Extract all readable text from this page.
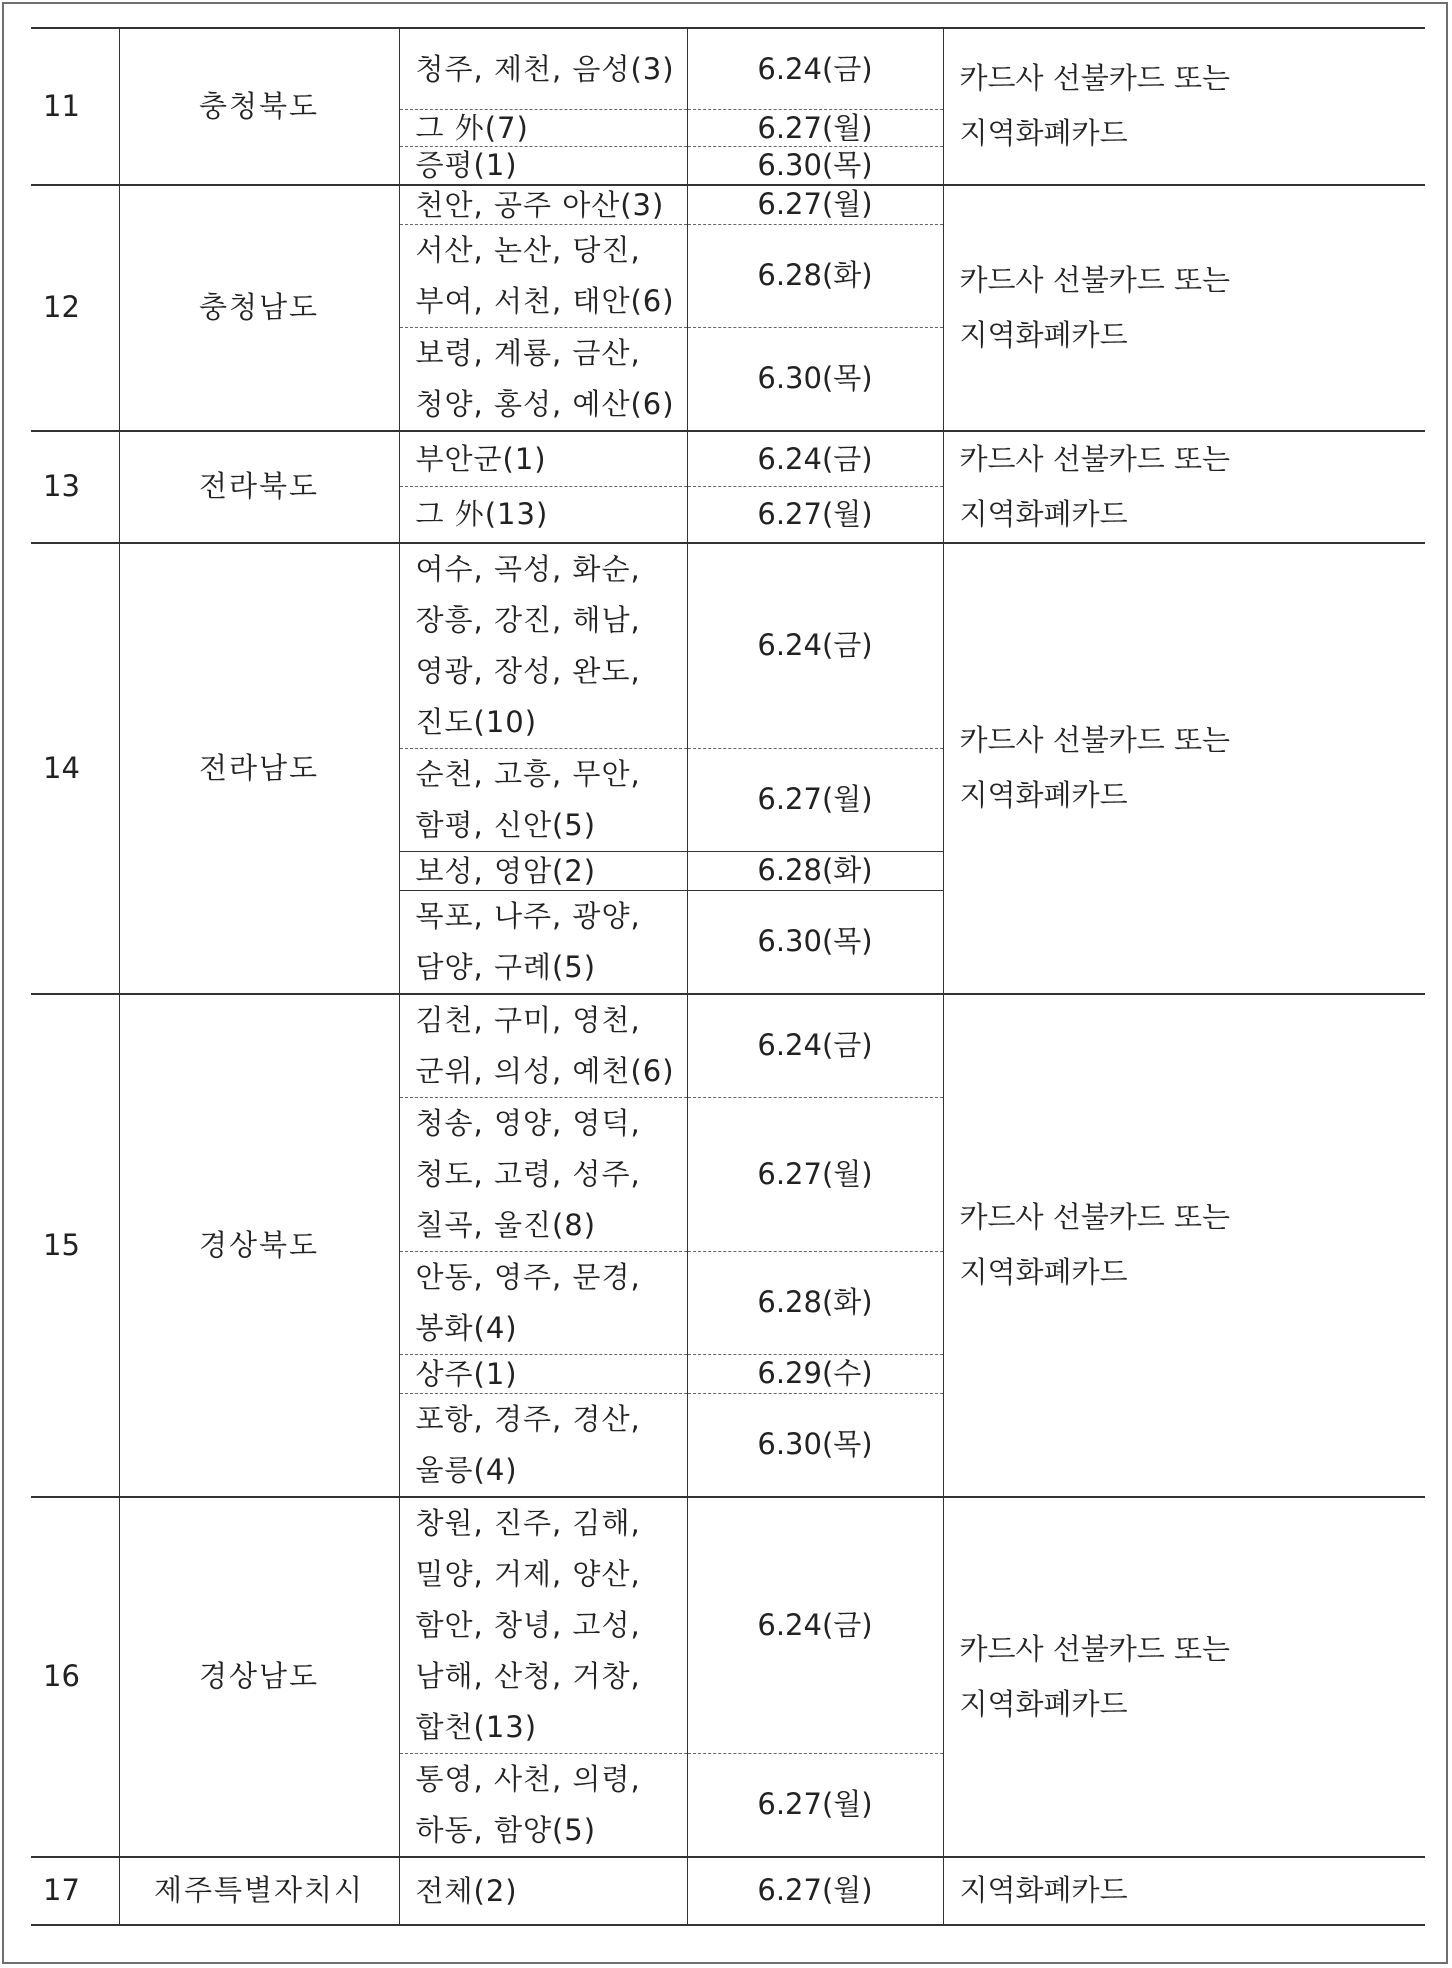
11	충청북도	청주, 제천, 음성(3)	6.24(금)	카드사 선불카드 또는
지역화폐카드

		그 外(7)	6.27(월)	

		증평(1)	6.30(목)	
12	충청남도	천안, 공주 아산(3)	6.27(월)	카드사 선불카드 또는
지역화폐카드

		서산, 논산, 당진,
부여, 서천, 태안(6)	6.28(화)	

		보령, 계룡, 금산,
청양, 홍성, 예산(6)	6.30(목)	
13	전라북도	부안군(1)	6.24(금)	카드사 선불카드 또는
지역화폐카드

		그 外(13)	6.27(월)	
14	전라남도	여수, 곡성, 화순,
장흥, 강진, 해남,
영광, 장성, 완도,
진도(10)	6.24(금)	카드사 선불카드 또는
지역화폐카드

		순천, 고흥, 무안,
함평, 신안(5)	6.27(월)	

		보성, 영암(2)	6.28(화)	

		목포, 나주, 광양,
담양, 구례(5)	6.30(목)	
15	경상북도	김천, 구미, 영천,
군위, 의성, 예천(6)	6.24(금)	카드사 선불카드 또는
지역화폐카드

		청송, 영양, 영덕,
청도, 고령, 성주,
칠곡, 울진(8)	6.27(월)	

		안동, 영주, 문경,
봉화(4)	6.28(화)	

		상주(1)	6.29(수)	

		포항, 경주, 경산,
울릉(4)	6.30(목)	
16	경상남도	창원, 진주, 김해,
밀양, 거제, 양산,
함안, 창녕, 고성,
남해, 산청, 거창,
합천(13)	6.24(금)	카드사 선불카드 또는
지역화폐카드

		통영, 사천, 의령,
하동, 함양(5)	6.27(월)	
17	제주특별자치시	전체(2)	6.27(월)	지역화폐카드
